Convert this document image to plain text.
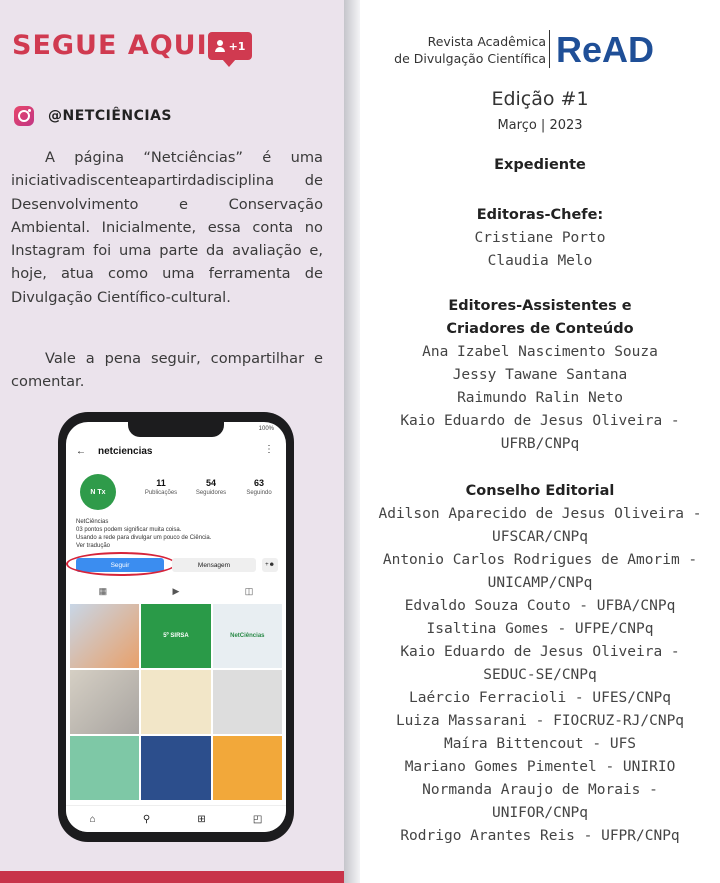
SEGUE AQUI +1
@NETCIÊNCIAS
A página “Netciências” é uma iniciativadiscenteapartirdadisciplina de Desenvolvimento e Conservação Ambiental. Inicialmente, essa conta no Instagram foi uma parte da avaliação e, hoje, atua como uma ferramenta de Divulgação Científico-cultural.
Vale a pena seguir, compartilhar e comentar.
100%
← netciencias	⋮
N Tx
11
Publicações
54
Seguidores
63
Seguindo
NetCiências
03 pontos podem significar muita coisa.
Usando a rede para divulgar um pouco de Ciência.
Ver tradução
Seguir	Mensagem	+☻
▦	▶	◫
5º SIRSA	NetCiências
⌂	⚲	⊞	◰
Revista Acadêmica
de Divulgação Científica ReAD
Edição #1
Março | 2023
Expediente
Editoras-Chefe:
Cristiane Porto
Claudia Melo
Editores-Assistentes e
Criadores de Conteúdo
Ana Izabel Nascimento Souza
Jessy Tawane Santana
Raimundo Ralin Neto
Kaio Eduardo de Jesus Oliveira -
UFRB/CNPq
Conselho Editorial
Adilson Aparecido de Jesus Oliveira -
UFSCAR/CNPq
Antonio Carlos Rodrigues de Amorim -
UNICAMP/CNPq
Edvaldo Souza Couto - UFBA/CNPq
Isaltina Gomes - UFPE/CNPq
Kaio Eduardo de Jesus Oliveira -
SEDUC-SE/CNPq
Laércio Ferracioli - UFES/CNPq
Luiza Massarani - FIOCRUZ-RJ/CNPq
Maíra Bittencout - UFS
Mariano Gomes Pimentel - UNIRIO
Normanda Araujo de Morais -
UNIFOR/CNPq
Rodrigo Arantes Reis - UFPR/CNPq
